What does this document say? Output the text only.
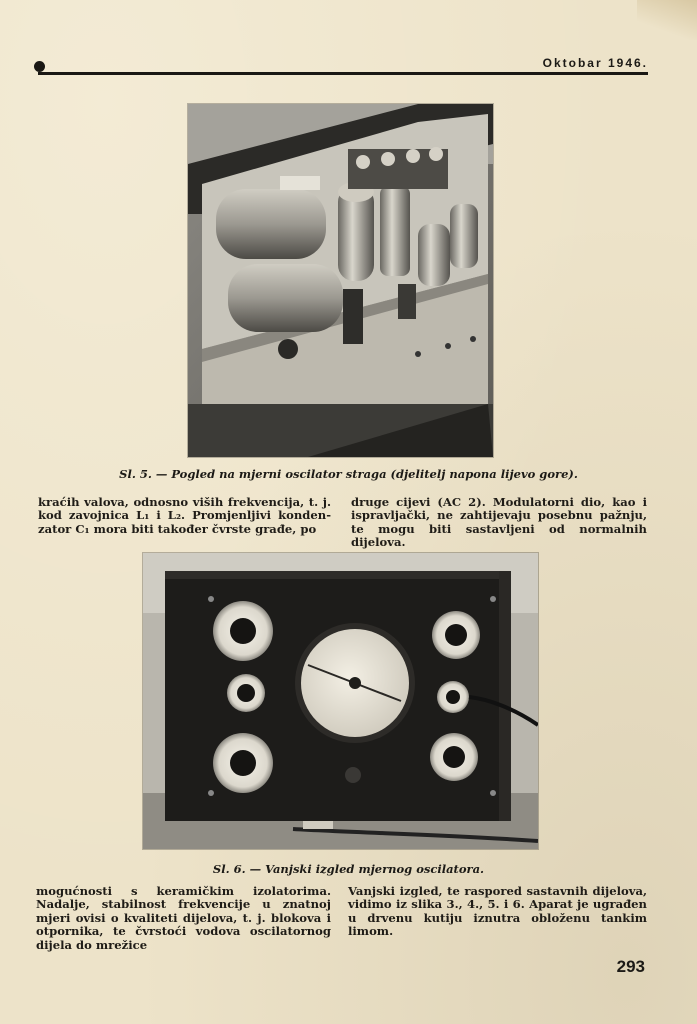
Oktobar 1946.
Sl. 5. — Pogled na mjerni oscilator straga (djelitelj napona lijevo gore).

kraćih valova, odnosno viših frekvencija, t. j. kod zavojnica L₁ i L₂. Promjenljivi kondenzator C₁ mora biti također čvrste građe, po

druge cijevi (AC 2). Modulatorni dio, kao i ispravljački, ne zahtijevaju posebnu pažnju, te mogu biti sastavljeni od normalnih dijelova.

Sl. 6. — Vanjski izgled mjernog oscilatora.

mogućnosti s keramičkim izolatorima. Nadalje, stabilnost frekvencije u znatnoj mjeri ovisi o kvaliteti dijelova, t. j. blokova i otpornika, te čvrstoći vodova oscilatornog dijela do mrežice

Vanjski izgled, te raspored sastavnih dijelova, vidimo iz slika 3., 4., 5. i 6. Aparat je ugrađen u drvenu kutiju iznutra obloženu tankim limom.

293
